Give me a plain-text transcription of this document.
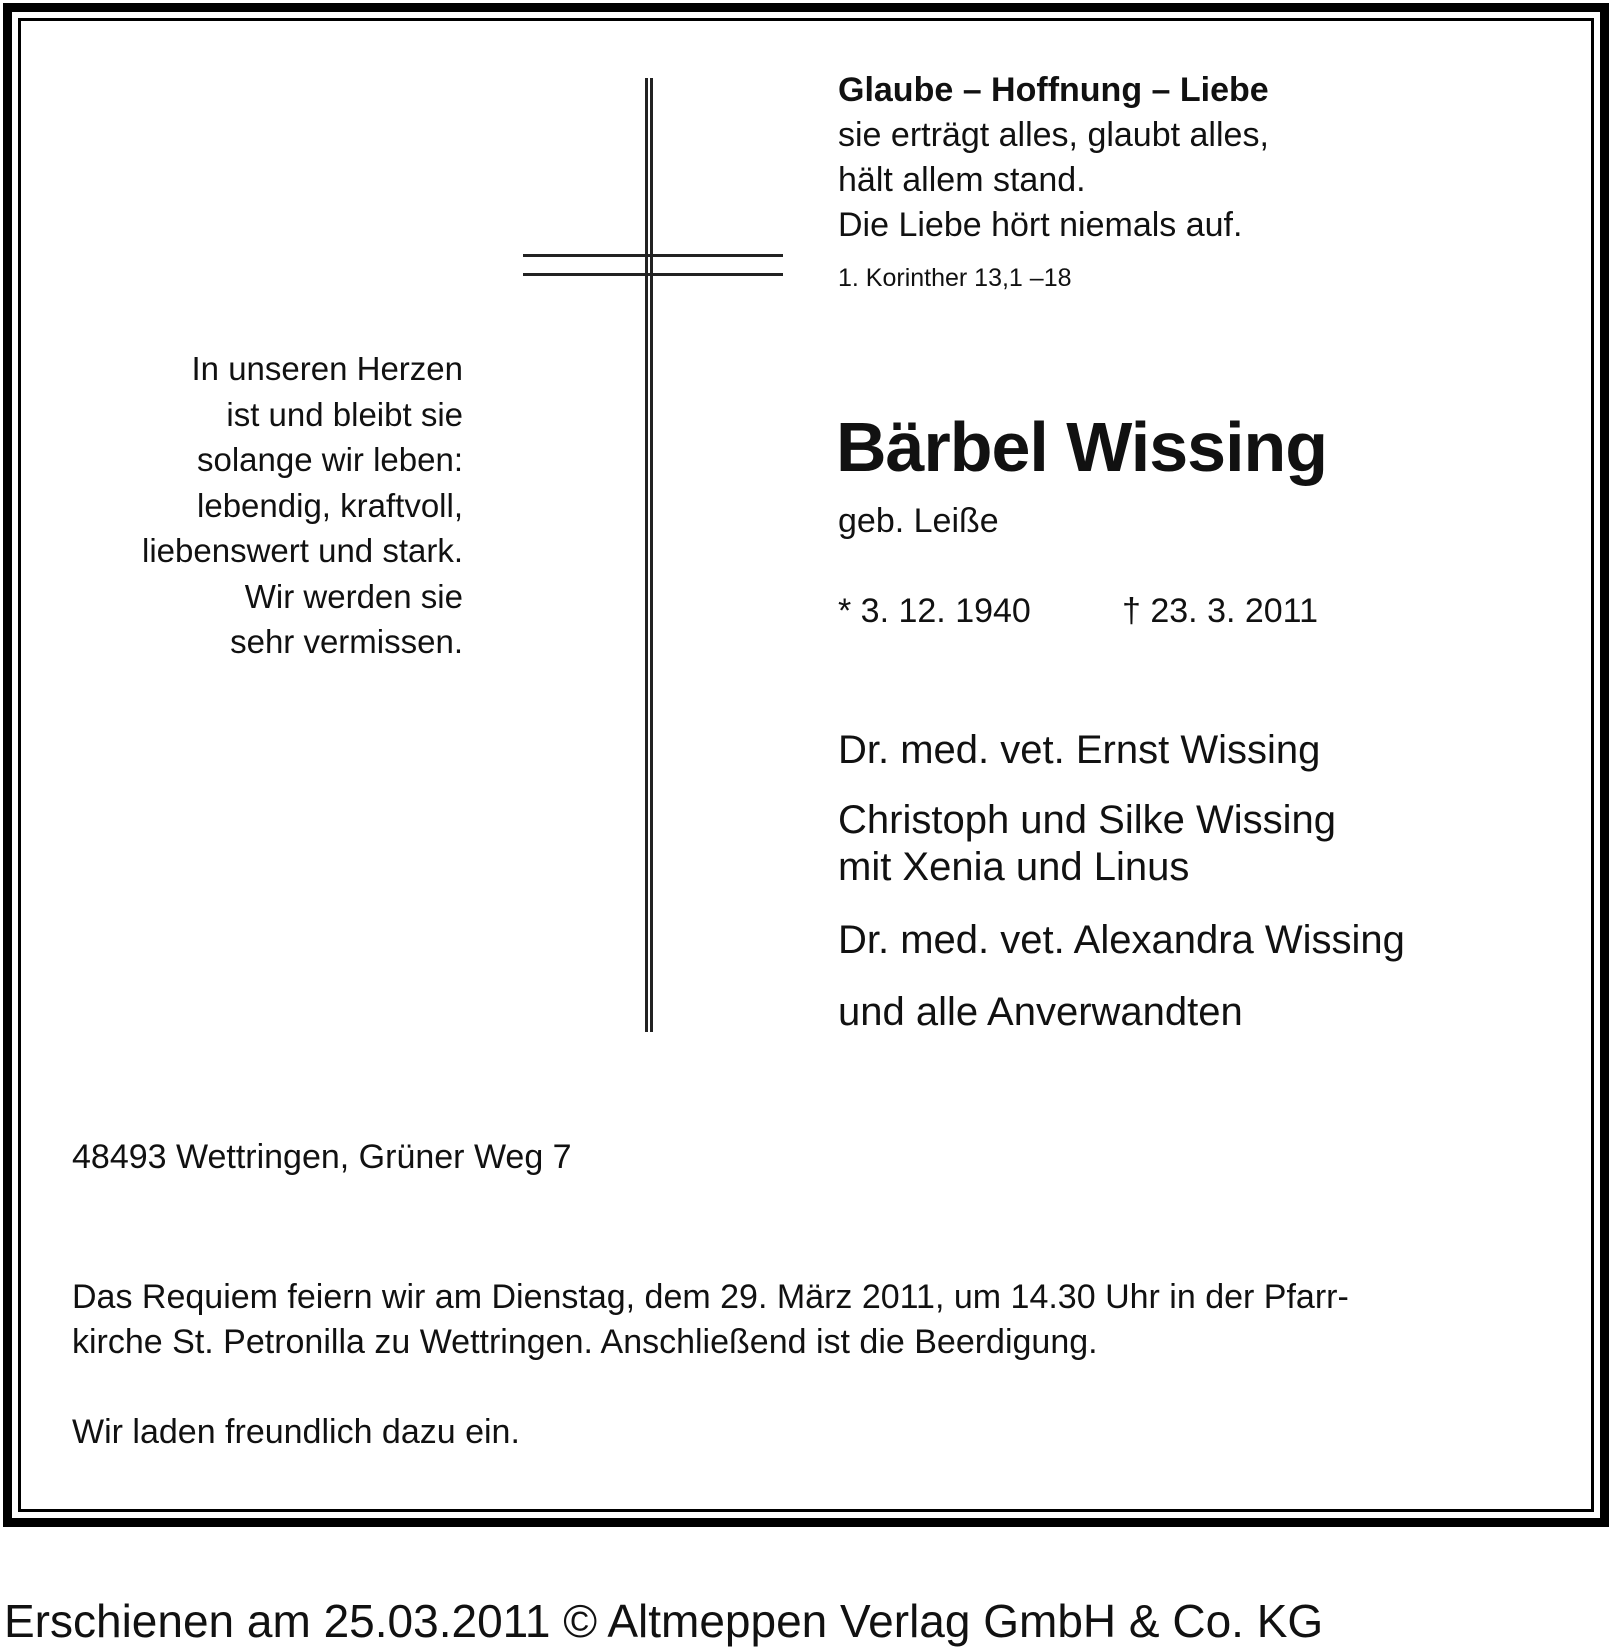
Glaube – Hoffnung – Liebe
sie erträgt alles, glaubt alles,
hält allem stand.
Die Liebe hört niemals auf.
1. Korinther 13,1 –18
In unseren Herzen
ist und bleibt sie
solange wir leben:
lebendig, kraftvoll,
liebenswert und stark.
Wir werden sie
sehr vermissen.
Bärbel Wissing
geb. Leiße
* 3. 12. 1940	† 23. 3. 2011
Dr. med. vet. Ernst Wissing
Christoph und Silke Wissing
mit Xenia und Linus
Dr. med. vet. Alexandra Wissing
und alle Anverwandten
48493 Wettringen, Grüner Weg 7
Das Requiem feiern wir am Dienstag, dem 29. März 2011, um 14.30 Uhr in der Pfarr-
kirche St. Petronilla zu Wettringen. Anschließend ist die Beerdigung.
Wir laden freundlich dazu ein.
Erschienen am 25.03.2011 © Altmeppen Verlag GmbH & Co. KG
